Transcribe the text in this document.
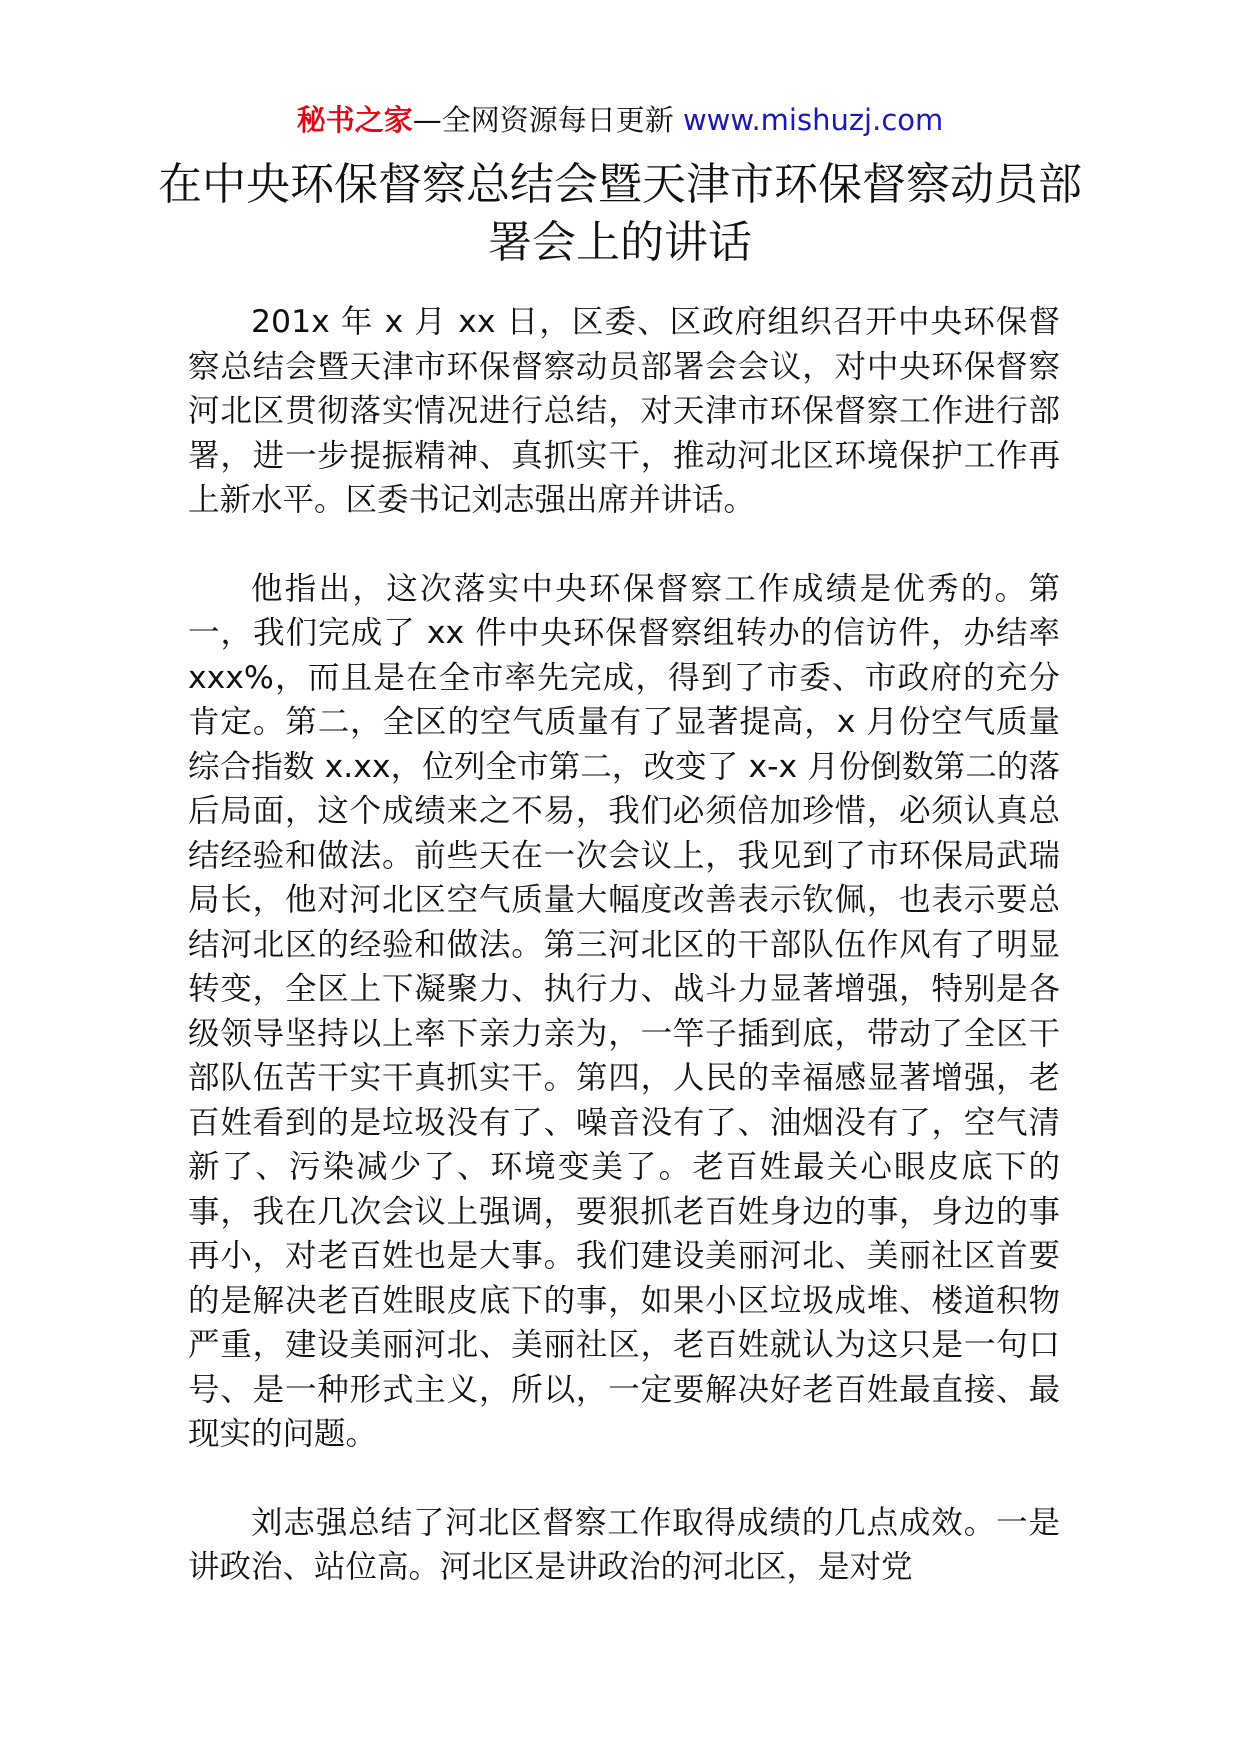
秘书之家—全网资源每日更新 www.mishuzj.com
在中央环保督察总结会暨天津市环保督察动员部署会上的讲话

201x 年 x 月 xx 日，区委、区政府组织召开中央环保督察总结会暨天津市环保督察动员部署会会议，对中央环保督察河北区贯彻落实情况进行总结，对天津市环保督察工作进行部署，进一步提振精神、真抓实干，推动河北区环境保护工作再上新水平。区委书记刘志强出席并讲话。

他指出，这次落实中央环保督察工作成绩是优秀的。第一，我们完成了 xx 件中央环保督察组转办的信访件，办结率 xxx%，而且是在全市率先完成，得到了市委、市政府的充分肯定。第二，全区的空气质量有了显著提高，x 月份空气质量综合指数 x.xx，位列全市第二，改变了 x-x 月份倒数第二的落后局面，这个成绩来之不易，我们必须倍加珍惜，必须认真总结经验和做法。前些天在一次会议上，我见到了市环保局武瑞局长，他对河北区空气质量大幅度改善表示钦佩，也表示要总结河北区的经验和做法。第三河北区的干部队伍作风有了明显转变，全区上下凝聚力、执行力、战斗力显著增强，特别是各级领导坚持以上率下亲力亲为，一竿子插到底，带动了全区干部队伍苦干实干真抓实干。第四，人民的幸福感显著增强，老百姓看到的是垃圾没有了、噪音没有了、油烟没有了，空气清新了、污染减少了、环境变美了。老百姓最关心眼皮底下的事，我在几次会议上强调，要狠抓老百姓身边的事，身边的事再小，对老百姓也是大事。我们建设美丽河北、美丽社区首要的是解决老百姓眼皮底下的事，如果小区垃圾成堆、楼道积物严重，建设美丽河北、美丽社区，老百姓就认为这只是一句口号、是一种形式主义，所以，一定要解决好老百姓最直接、最现实的问题。

刘志强总结了河北区督察工作取得成绩的几点成效。一是讲政治、站位高。河北区是讲政治的河北区，是对党
